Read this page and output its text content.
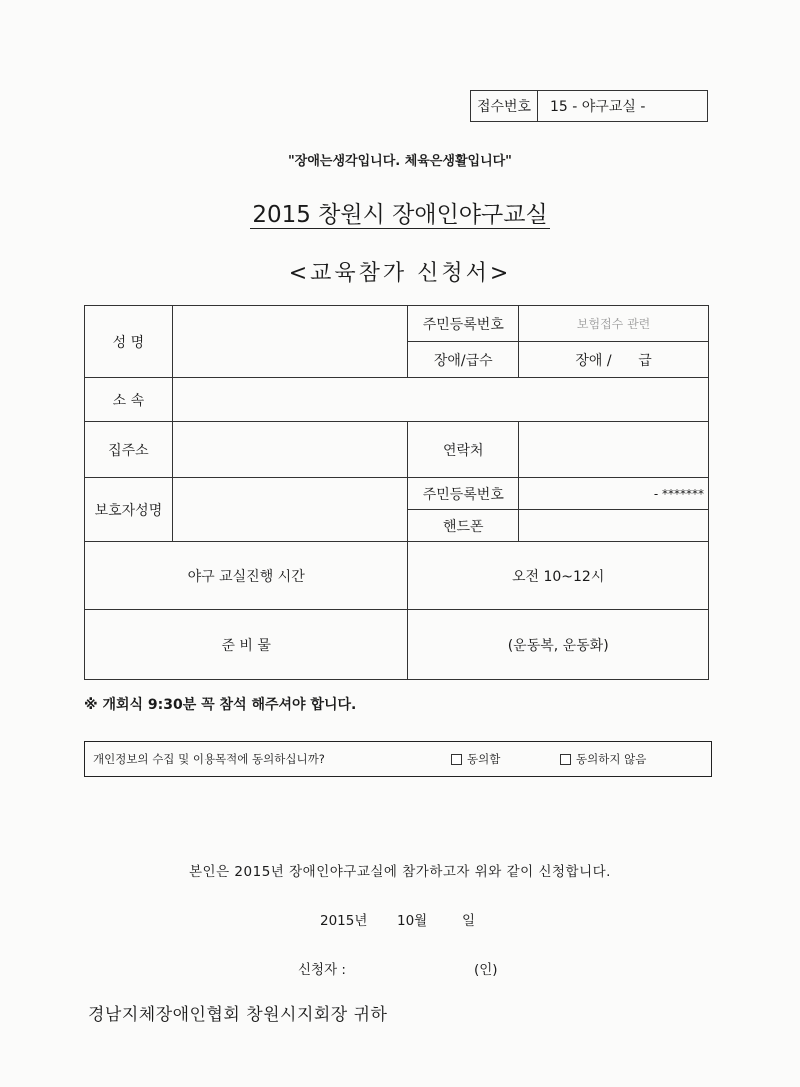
접수번호	15 - 야구교실 -
"장애는생각입니다. 체육은생활입니다"
2015 창원시 장애인야구교실
<교육참가 신청서>
성 명		주민등록번호	보험접수 관련
		장애/급수	장애 /      급
소 속			
집주소		연락처	
보호자성명		주민등록번호	- *******
		핸드폰	
야구 교실진행 시간		오전 10~12시	
준 비 물		(운동복, 운동화)	
※ 개회식 9:30분 꼭 참석 해주셔야 합니다.
개인정보의 수집 및 이용목적에 동의하십니까?	동의함	동의하지 않음
본인은 2015년 장애인야구교실에 참가하고자 위와 같이 신청합니다.
2015년 10월	일
신청자 :	(인)
경남지체장애인협회 창원시지회장 귀하
